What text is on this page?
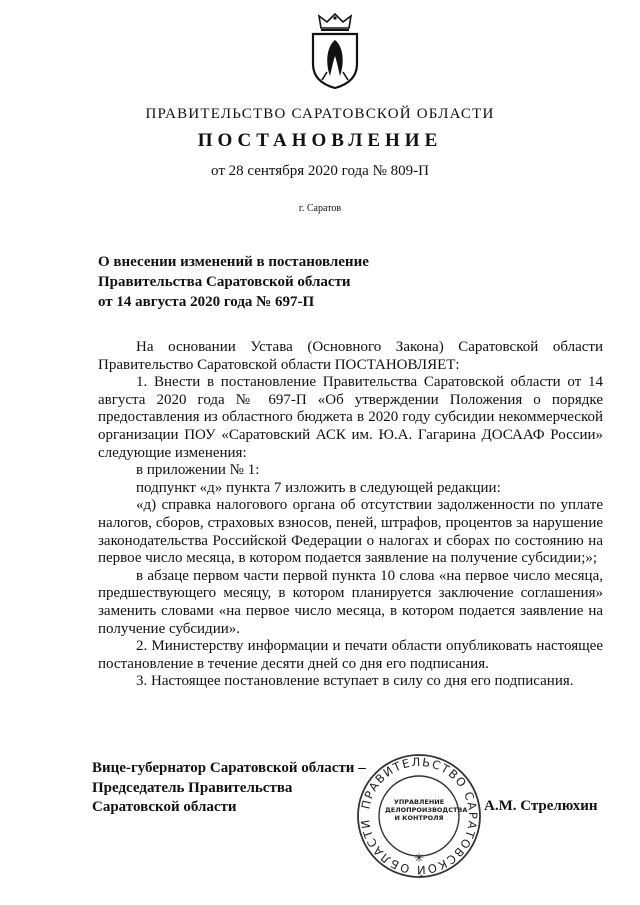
ПРАВИТЕЛЬСТВО САРАТОВСКОЙ ОБЛАСТИ
ПОСТАНОВЛЕНИЕ
от 28 сентября 2020 года № 809-П
г. Саратов
О внесении изменений в постановление
Правительства Саратовской области
от 14 августа 2020 года № 697-П

На основании Устава (Основного Закона) Саратовской области Правительство Саратовской области ПОСТАНОВЛЯЕТ:

1. Внести в постановление Правительства Саратовской области от 14 августа 2020 года № 697-П «Об утверждении Положения о порядке предоставления из областного бюджета в 2020 году субсидии некоммерческой организации ПОУ «Саратовский АСК им. Ю.А. Гагарина ДОСААФ России» следующие изменения:

в приложении № 1:

подпункт «д» пункта 7 изложить в следующей редакции:

«д) справка налогового органа об отсутствии задолженности по уплате налогов, сборов, страховых взносов, пеней, штрафов, процентов за нарушение законодательства Российской Федерации о налогах и сборах по состоянию на первое число месяца, в котором подается заявление на получение субсидии;»;

в абзаце первом части первой пункта 10 слова «на первое число месяца, предшествующего месяцу, в котором планируется заключение соглашения» заменить словами «на первое число месяца, в котором подается заявление на получение субсидии».

2. Министерству информации и печати области опубликовать настоящее постановление в течение десяти дней со дня его подписания.

3. Настоящее постановление вступает в силу со дня его подписания.

Вице-губернатор Саратовской области –
Председатель Правительства
Саратовской области	ПРАВИТЕЛЬСТВО САРАТОВСКОЙ ОБЛАСТИ
✳
УПРАВЛЕНИЕ ДЕЛОПРОИЗВОДСТВА И КОНТРОЛЯ
А.М. Стрелюхин
